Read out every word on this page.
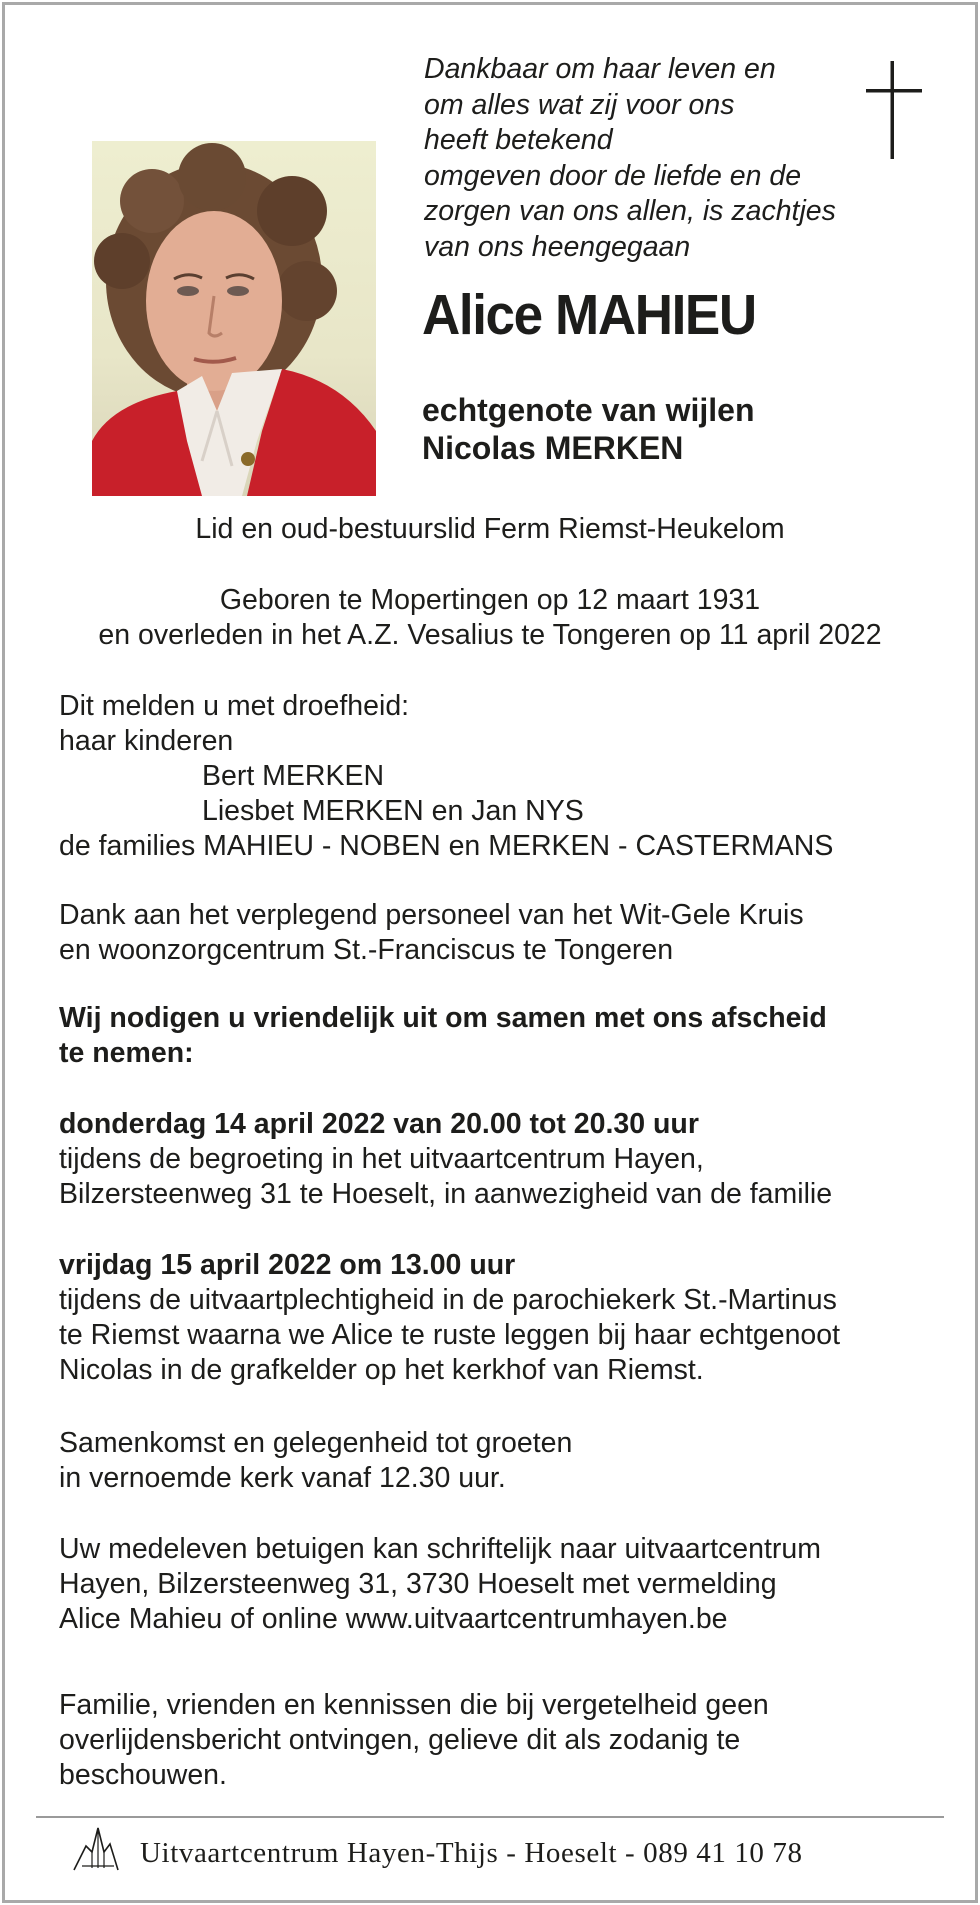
Dankbaar om haar leven en
om alles wat zij voor ons
heeft betekend
omgeven door de liefde en de
zorgen van ons allen, is zachtjes
van ons heengegaan
Alice MAHIEU
echtgenote van wijlen
Nicolas MERKEN
Lid en oud-bestuurslid Ferm Riemst-Heukelom
Geboren te Mopertingen op 12 maart 1931
en overleden in het A.Z. Vesalius te Tongeren op 11 april 2022
Dit melden u met droefheid:
haar kinderen
Bert MERKEN
Liesbet MERKEN en Jan NYS
de families MAHIEU - NOBEN en MERKEN - CASTERMANS
Dank aan het verplegend personeel van het Wit-Gele Kruis
en woonzorgcentrum St.-Franciscus te Tongeren
Wij nodigen u vriendelijk uit om samen met ons afscheid
te nemen:
donderdag 14 april 2022 van 20.00 tot 20.30 uur
tijdens de begroeting in het uitvaartcentrum Hayen,
Bilzersteenweg 31 te Hoeselt, in aanwezigheid van de familie
vrijdag 15 april 2022 om 13.00 uur
tijdens de uitvaartplechtigheid in de parochiekerk St.-Martinus
te Riemst waarna we Alice te ruste leggen bij haar echtgenoot
Nicolas in de grafkelder op het kerkhof van Riemst.
Samenkomst en gelegenheid tot groeten
in vernoemde kerk vanaf 12.30 uur.
Uw medeleven betuigen kan schriftelijk naar uitvaartcentrum
Hayen, Bilzersteenweg 31, 3730 Hoeselt met vermelding
Alice Mahieu of online www.uitvaartcentrumhayen.be
Familie, vrienden en kennissen die bij vergetelheid geen
overlijdensbericht ontvingen, gelieve dit als zodanig te
beschouwen.
Uitvaartcentrum Hayen-Thijs - Hoeselt - 089 41 10 78
